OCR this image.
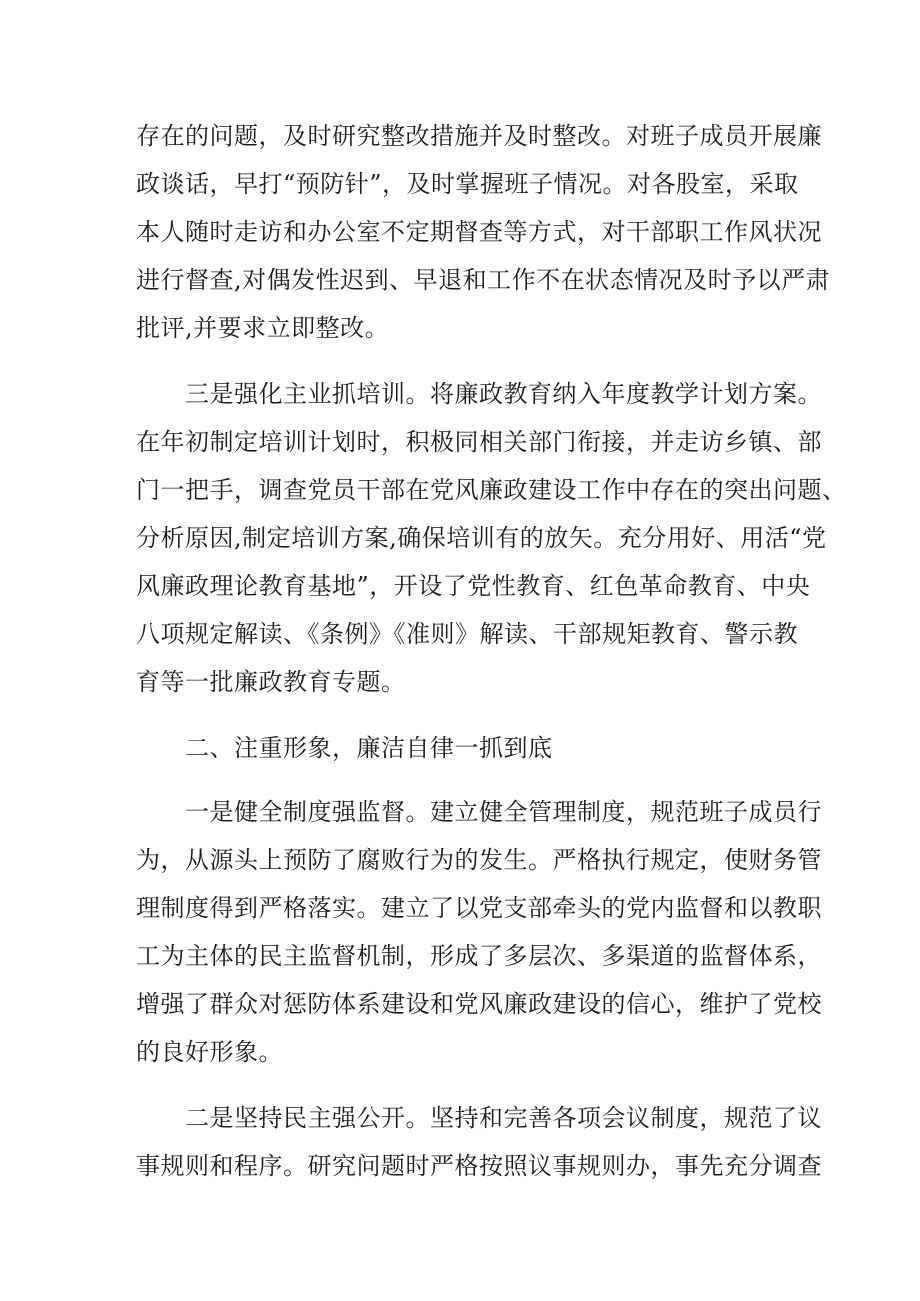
存在的问题，及时研究整改措施并及时整改。对班子成员开展廉
政谈话，早打“预防针”，及时掌握班子情况。对各股室，采取
本人随时走访和办公室不定期督查等方式，对干部职工作风状况
进行督查,对偶发性迟到、早退和工作不在状态情况及时予以严肃
批评,并要求立即整改。

　　三是强化主业抓培训。将廉政教育纳入年度教学计划方案。
在年初制定培训计划时，积极同相关部门衔接，并走访乡镇、部
门一把手，调查党员干部在党风廉政建设工作中存在的突出问题、
分析原因,制定培训方案,确保培训有的放矢。充分用好、用活“党
风廉政理论教育基地”，开设了党性教育、红色革命教育、中央
八项规定解读、《条例》《准则》解读、干部规矩教育、警示教
育等一批廉政教育专题。

　　二、注重形象，廉洁自律一抓到底

　　一是健全制度强监督。建立健全管理制度，规范班子成员行
为，从源头上预防了腐败行为的发生。严格执行规定，使财务管
理制度得到严格落实。建立了以党支部牵头的党内监督和以教职
工为主体的民主监督机制，形成了多层次、多渠道的监督体系，
增强了群众对惩防体系建设和党风廉政建设的信心，维护了党校
的良好形象。

　　二是坚持民主强公开。坚持和完善各项会议制度，规范了议
事规则和程序。研究问题时严格按照议事规则办，事先充分调查
